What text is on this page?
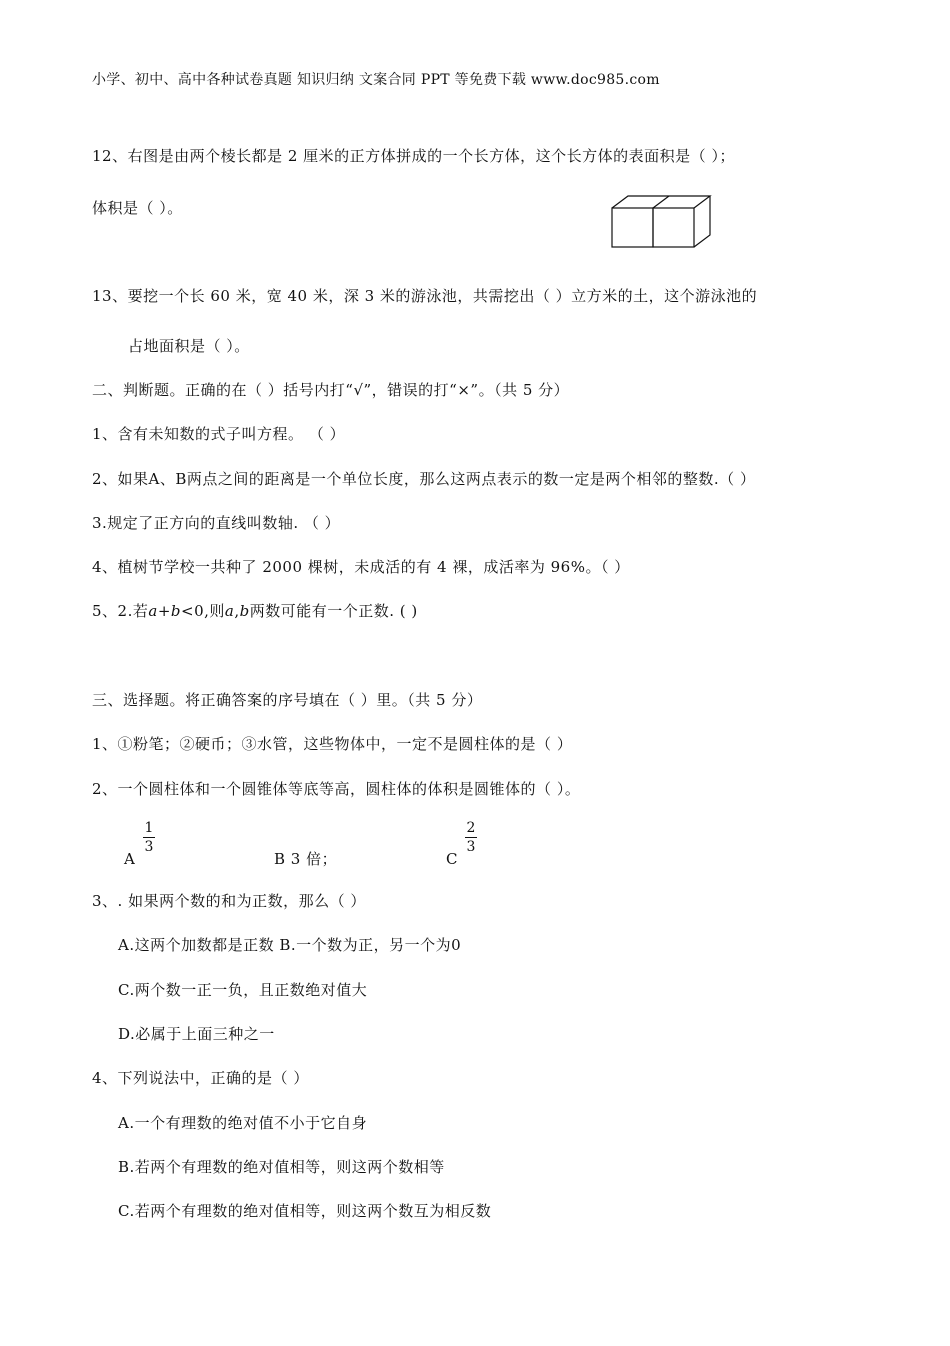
小学、初中、高中各种试卷真题 知识归纳 文案合同 PPT 等免费下载 www.doc985.com
12、右图是由两个棱长都是 2 厘米的正方体拼成的一个长方体，这个长方体的表面积是（ ）；
体积是（ ）。
13、要挖一个长 60 米，宽 40 米，深 3 米的游泳池，共需挖出（ ）立方米的土，这个游泳池的
占地面积是（ ）。
二、判断题。正确的在（ ）括号内打“√”，错误的打“×”。（共 5 分）
1、含有未知数的式子叫方程。 （ ）
2、如果A、B两点之间的距离是一个单位长度，那么这两点表示的数一定是两个相邻的整数.（ ）
3.规定了正方向的直线叫数轴. （ ）
4、植树节学校一共种了 2000 棵树，未成活的有 4 裸，成活率为 96%。（ ）
5、2.若a+b<0,则a,b两数可能有一个正数. ( )
三、选择题。将正确答案的序号填在（ ）里。（共 5 分）
1、①粉笔；②硬币；③水管，这些物体中，一定不是圆柱体的是（ ）
2、一个圆柱体和一个圆锥体等底等高，圆柱体的体积是圆锥体的（ ）。
A
1
3
B 3 倍；	C
2
3
3、. 如果两个数的和为正数，那么（ ）
A.这两个加数都是正数 B.一个数为正，另一个为0
C.两个数一正一负，且正数绝对值大
D.必属于上面三种之一
4、下列说法中，正确的是（ ）
A.一个有理数的绝对值不小于它自身
B.若两个有理数的绝对值相等，则这两个数相等
C.若两个有理数的绝对值相等，则这两个数互为相反数
